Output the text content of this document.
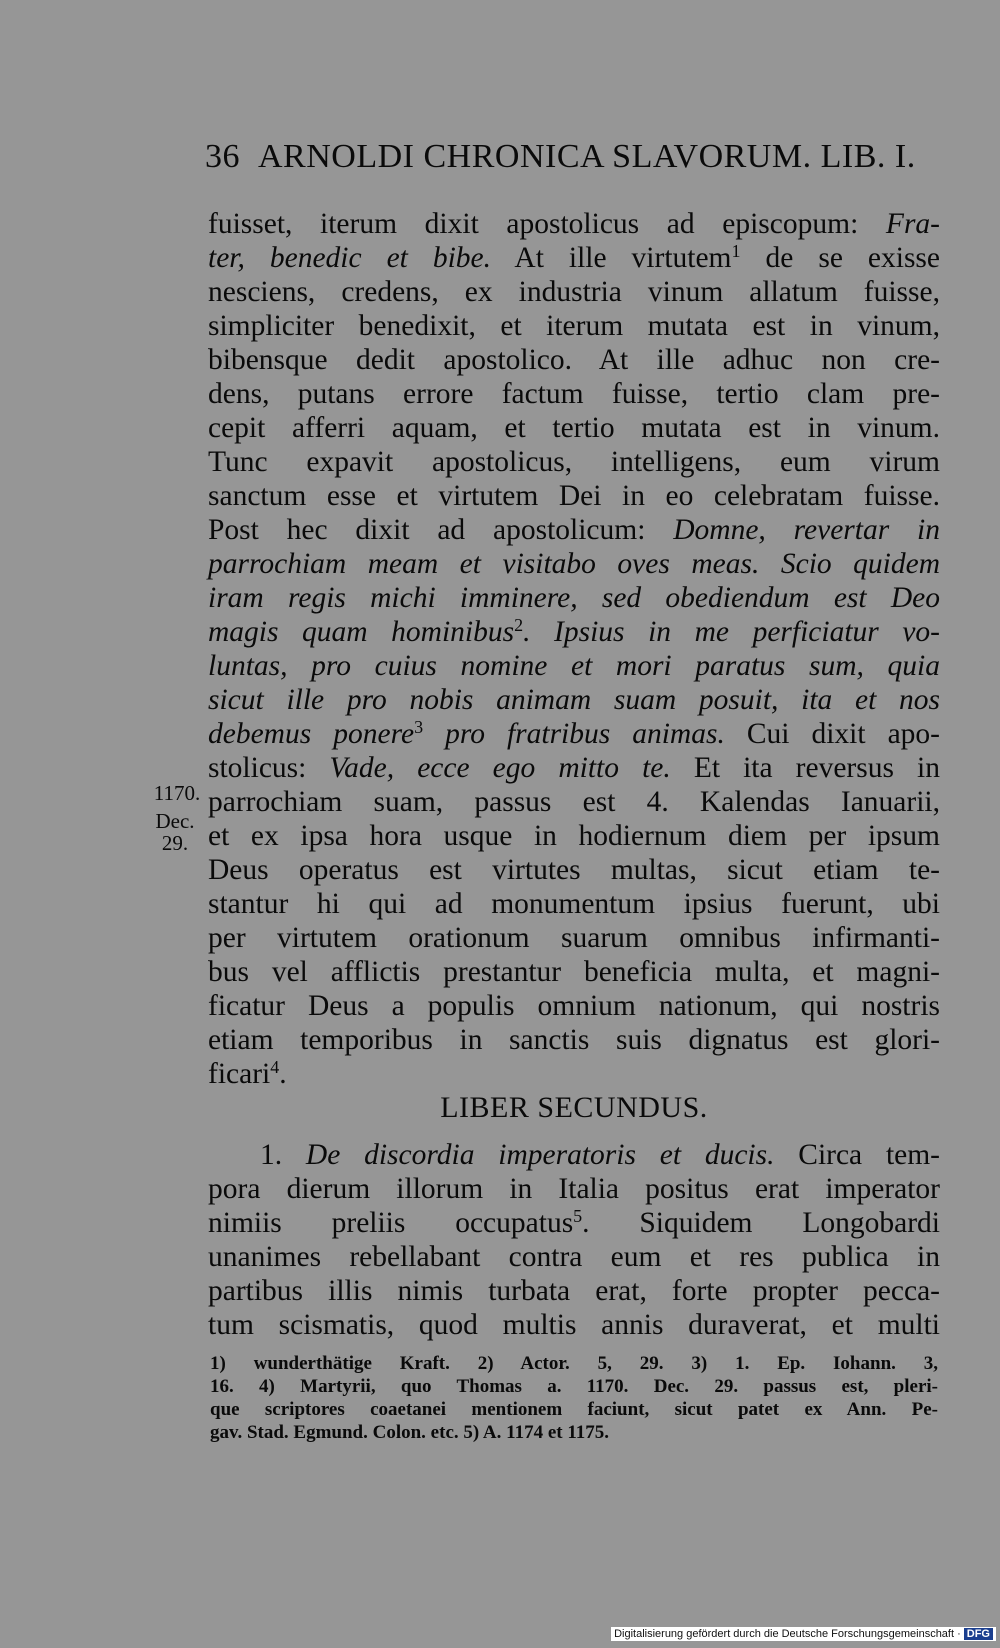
36 ARNOLDI CHRONICA SLAVORUM. LIB. I.
1170.
Dec.
29.
fuisset, iterum dixit apostolicus ad episcopum: Fra-
ter, benedic et bibe. At ille virtutem$^1$ de se exisse
nesciens, credens, ex industria vinum allatum fuisse,
simpliciter benedixit, et iterum mutata est in vinum,
bibensque dedit apostolico. At ille adhuc non cre-
dens, putans errore factum fuisse, tertio clam pre-
cepit afferri aquam, et tertio mutata est in vinum.
Tunc expavit apostolicus, intelligens, eum virum
sanctum esse et virtutem Dei in eo celebratam fuisse.
Post hec dixit ad apostolicum: Domne, revertar in
parrochiam meam et visitabo oves meas. Scio quidem
iram regis michi imminere, sed obediendum est Deo
magis quam hominibus$^2$. Ipsius in me perficiatur vo-
luntas, pro cuius nomine et mori paratus sum, quia
sicut ille pro nobis animam suam posuit, ita et nos
debemus ponere$^3$ pro fratribus animas. Cui dixit apo-
stolicus: Vade, ecce ego mitto te. Et ita reversus in
parrochiam suam, passus est 4. Kalendas Ianuarii,
et ex ipsa hora usque in hodiernum diem per ipsum
Deus operatus est virtutes multas, sicut etiam te-
stantur hi qui ad monumentum ipsius fuerunt, ubi
per virtutem orationum suarum omnibus infirmanti-
bus vel afflictis prestantur beneficia multa, et magni-
ficatur Deus a populis omnium nationum, qui nostris
etiam temporibus in sanctis suis dignatus est glori-
ficari$^4$.
LIBER SECUNDUS.
1. De discordia imperatoris et ducis. Circa tem-
pora dierum illorum in Italia positus erat imperator
nimiis preliis occupatus$^5$. Siquidem Longobardi
unanimes rebellabant contra eum et res publica in
partibus illis nimis turbata erat, forte propter pecca-
tum scismatis, quod multis annis duraverat, et multi
1) wunderthätige Kraft. 2) Actor. 5, 29. 3) 1. Ep. Iohann. 3,
16. 4) Martyrii, quo Thomas a. 1170. Dec. 29. passus est, pleri-
que scriptores coaetanei mentionem faciunt, sicut patet ex Ann. Pe-
gav. Stad. Egmund. Colon. etc. 5) A. 1174 et 1175.
Digitalisierung gefördert durch die Deutsche Forschungsgemeinschaft · DFG
